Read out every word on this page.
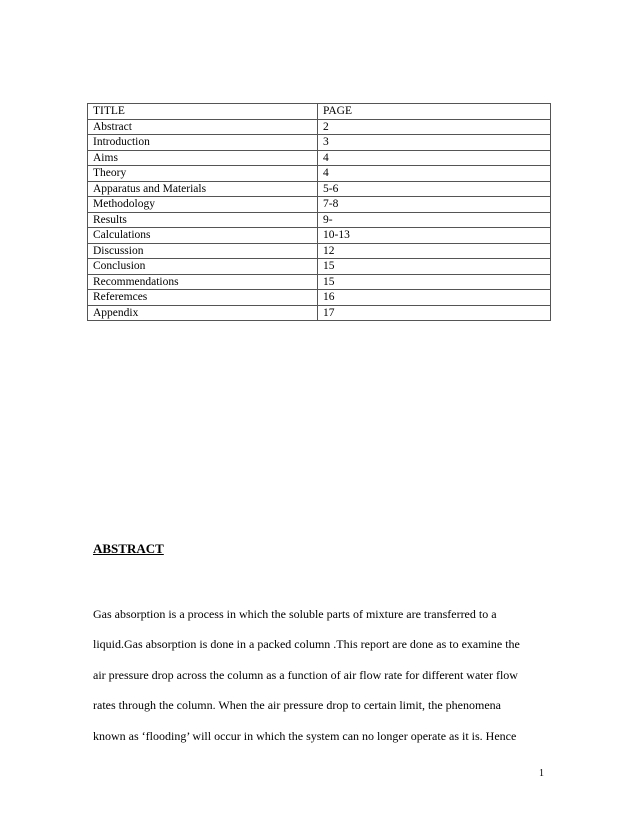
TITLE	PAGE
Abstract	2
Introduction	3
Aims	4
Theory	4
Apparatus and Materials	5-6
Methodology	7-8
Results	9-
Calculations	10-13
Discussion	12
Conclusion	15
Recommendations	15
Referemces	16
Appendix	17
ABSTRACT
Gas absorption is a process in which the soluble parts of mixture are transferred to a
liquid.Gas absorption is done in a packed column .This report are done as to examine the
air pressure drop across the column as a function of air flow rate for different water flow
rates through the column. When the air pressure drop to certain limit, the phenomena
known as ‘flooding’ will occur in which the system can no longer operate as it is. Hence
1
